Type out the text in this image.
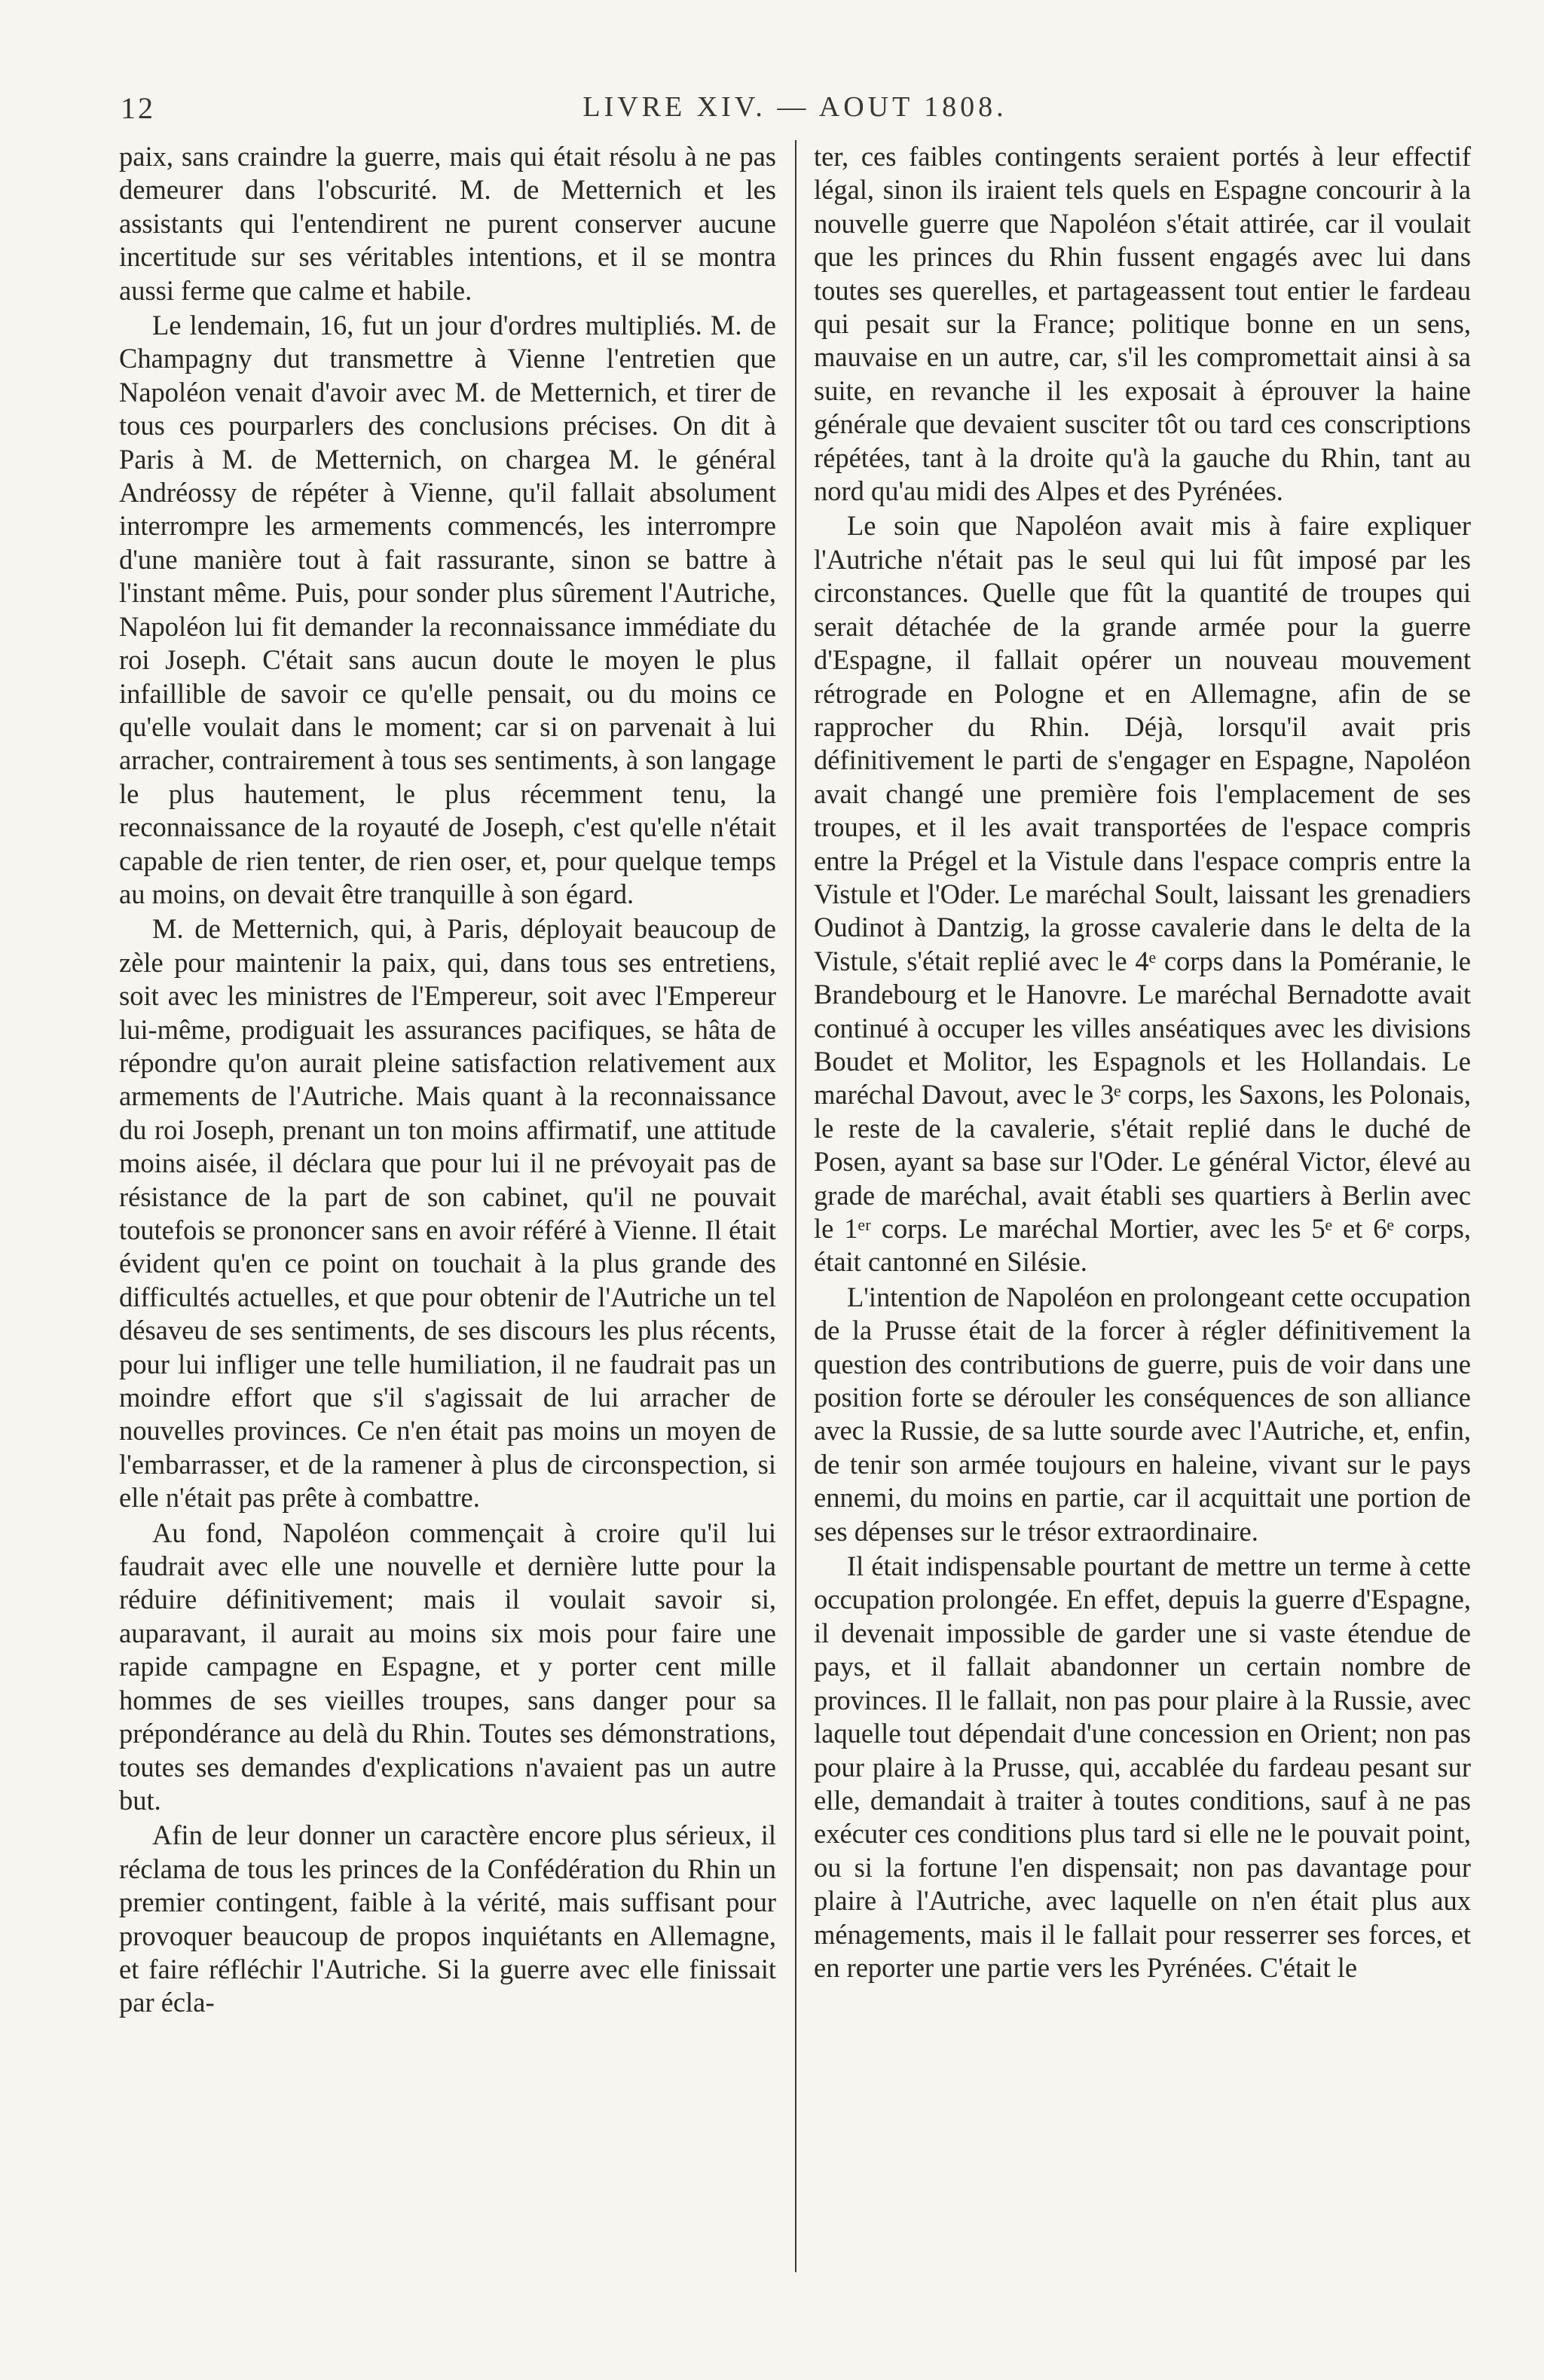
12	LIVRE XIV. — AOUT 1808.

paix, sans craindre la guerre, mais qui était résolu à ne pas demeurer dans l'obscurité. M. de Metternich et les assistants qui l'entendirent ne purent conserver aucune incertitude sur ses véritables intentions, et il se montra aussi ferme que calme et habile.

Le lendemain, 16, fut un jour d'ordres multipliés. M. de Champagny dut transmettre à Vienne l'entretien que Napoléon venait d'avoir avec M. de Metternich, et tirer de tous ces pourparlers des conclusions précises. On dit à Paris à M. de Metternich, on chargea M. le général Andréossy de répéter à Vienne, qu'il fallait absolument interrompre les armements commencés, les interrompre d'une manière tout à fait rassurante, sinon se battre à l'instant même. Puis, pour sonder plus sûrement l'Autriche, Napoléon lui fit demander la reconnaissance immédiate du roi Joseph. C'était sans aucun doute le moyen le plus infaillible de savoir ce qu'elle pensait, ou du moins ce qu'elle voulait dans le moment; car si on parvenait à lui arracher, contrairement à tous ses sentiments, à son langage le plus hautement, le plus récemment tenu, la reconnaissance de la royauté de Joseph, c'est qu'elle n'était capable de rien tenter, de rien oser, et, pour quelque temps au moins, on devait être tranquille à son égard.

M. de Metternich, qui, à Paris, déployait beaucoup de zèle pour maintenir la paix, qui, dans tous ses entretiens, soit avec les ministres de l'Empereur, soit avec l'Empereur lui-même, prodiguait les assurances pacifiques, se hâta de répondre qu'on aurait pleine satisfaction relativement aux armements de l'Autriche. Mais quant à la reconnaissance du roi Joseph, prenant un ton moins affirmatif, une attitude moins aisée, il déclara que pour lui il ne prévoyait pas de résistance de la part de son cabinet, qu'il ne pouvait toutefois se prononcer sans en avoir référé à Vienne. Il était évident qu'en ce point on touchait à la plus grande des difficultés actuelles, et que pour obtenir de l'Autriche un tel désaveu de ses sentiments, de ses discours les plus récents, pour lui infliger une telle humiliation, il ne faudrait pas un moindre effort que s'il s'agissait de lui arracher de nouvelles provinces. Ce n'en était pas moins un moyen de l'embarrasser, et de la ramener à plus de circonspection, si elle n'était pas prête à combattre.

Au fond, Napoléon commençait à croire qu'il lui faudrait avec elle une nouvelle et dernière lutte pour la réduire définitivement; mais il voulait savoir si, auparavant, il aurait au moins six mois pour faire une rapide campagne en Espagne, et y porter cent mille hommes de ses vieilles troupes, sans danger pour sa prépondérance au delà du Rhin. Toutes ses démonstrations, toutes ses demandes d'explications n'avaient pas un autre but.

Afin de leur donner un caractère encore plus sérieux, il réclama de tous les princes de la Confédération du Rhin un premier contingent, faible à la vérité, mais suffisant pour provoquer beaucoup de propos inquiétants en Allemagne, et faire réfléchir l'Autriche. Si la guerre avec elle finissait par écla-

ter, ces faibles contingents seraient portés à leur effectif légal, sinon ils iraient tels quels en Espagne concourir à la nouvelle guerre que Napoléon s'était attirée, car il voulait que les princes du Rhin fussent engagés avec lui dans toutes ses querelles, et partageassent tout entier le fardeau qui pesait sur la France; politique bonne en un sens, mauvaise en un autre, car, s'il les compromettait ainsi à sa suite, en revanche il les exposait à éprouver la haine générale que devaient susciter tôt ou tard ces conscriptions répétées, tant à la droite qu'à la gauche du Rhin, tant au nord qu'au midi des Alpes et des Pyrénées.

Le soin que Napoléon avait mis à faire expliquer l'Autriche n'était pas le seul qui lui fût imposé par les circonstances. Quelle que fût la quantité de troupes qui serait détachée de la grande armée pour la guerre d'Espagne, il fallait opérer un nouveau mouvement rétrograde en Pologne et en Allemagne, afin de se rapprocher du Rhin. Déjà, lorsqu'il avait pris définitivement le parti de s'engager en Espagne, Napoléon avait changé une première fois l'emplacement de ses troupes, et il les avait transportées de l'espace compris entre la Prégel et la Vistule dans l'espace compris entre la Vistule et l'Oder. Le maréchal Soult, laissant les grenadiers Oudinot à Dantzig, la grosse cavalerie dans le delta de la Vistule, s'était replié avec le 4ᵉ corps dans la Poméranie, le Brandebourg et le Hanovre. Le maréchal Bernadotte avait continué à occuper les villes anséatiques avec les divisions Boudet et Molitor, les Espagnols et les Hollandais. Le maréchal Davout, avec le 3ᵉ corps, les Saxons, les Polonais, le reste de la cavalerie, s'était replié dans le duché de Posen, ayant sa base sur l'Oder. Le général Victor, élevé au grade de maréchal, avait établi ses quartiers à Berlin avec le 1ᵉʳ corps. Le maréchal Mortier, avec les 5ᵉ et 6ᵉ corps, était cantonné en Silésie.

L'intention de Napoléon en prolongeant cette occupation de la Prusse était de la forcer à régler définitivement la question des contributions de guerre, puis de voir dans une position forte se dérouler les conséquences de son alliance avec la Russie, de sa lutte sourde avec l'Autriche, et, enfin, de tenir son armée toujours en haleine, vivant sur le pays ennemi, du moins en partie, car il acquittait une portion de ses dépenses sur le trésor extraordinaire.

Il était indispensable pourtant de mettre un terme à cette occupation prolongée. En effet, depuis la guerre d'Espagne, il devenait impossible de garder une si vaste étendue de pays, et il fallait abandonner un certain nombre de provinces. Il le fallait, non pas pour plaire à la Russie, avec laquelle tout dépendait d'une concession en Orient; non pas pour plaire à la Prusse, qui, accablée du fardeau pesant sur elle, demandait à traiter à toutes conditions, sauf à ne pas exécuter ces conditions plus tard si elle ne le pouvait point, ou si la fortune l'en dispensait; non pas davantage pour plaire à l'Autriche, avec laquelle on n'en était plus aux ménagements, mais il le fallait pour resserrer ses forces, et en reporter une partie vers les Pyrénées. C'était le
